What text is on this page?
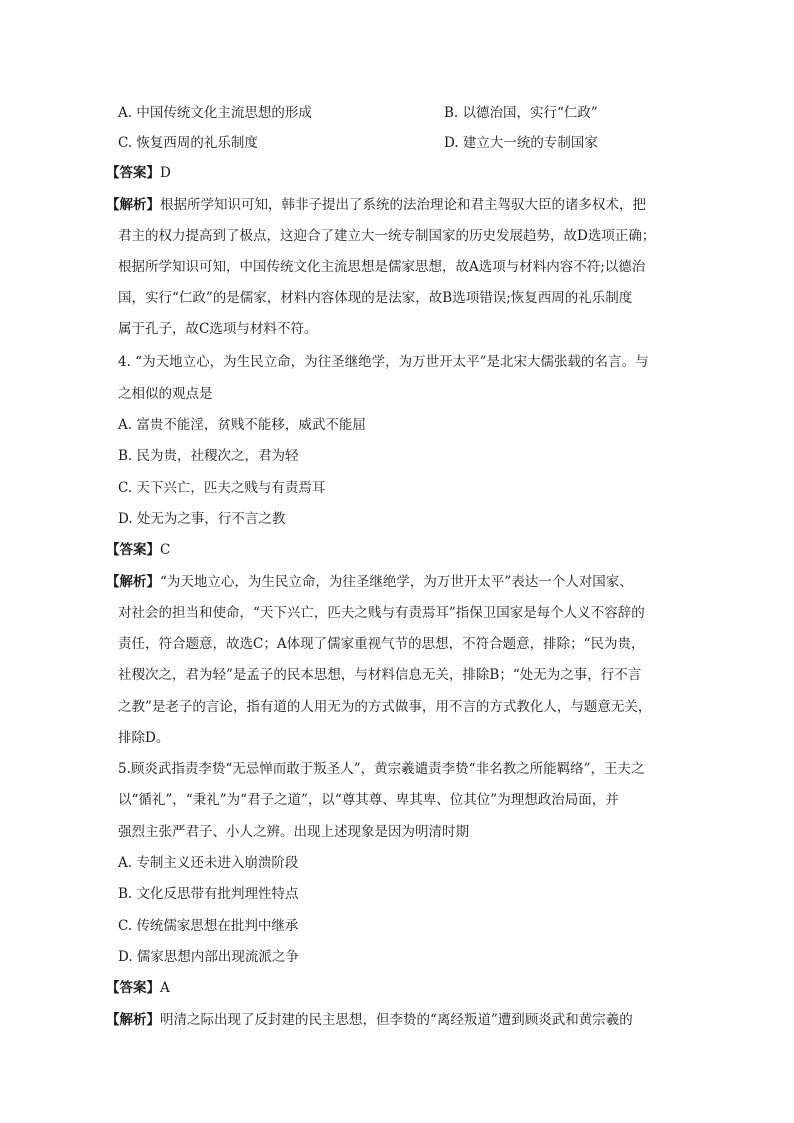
A. 中国传统文化主流思想的形成	B. 以德治国，实行“仁政”
C. 恢复西周的礼乐制度	D. 建立大一统的专制国家
【答案】D
【解析】根据所学知识可知，韩非子提出了系统的法治理论和君主驾驭大臣的诸多权术，把
君主的权力提高到了极点，这迎合了建立大一统专制国家的历史发展趋势，故D选项正确；
根据所学知识可知，中国传统文化主流思想是儒家思想，故A选项与材料内容不符;以德治
国，实行“仁政”的是儒家，材料内容体现的是法家，故B选项错误;恢复西周的礼乐制度
属于孔子，故C选项与材料不符。
4. “为天地立心，为生民立命，为往圣继绝学，为万世开太平”是北宋大儒张载的名言。与
之相似的观点是
A. 富贵不能淫，贫贱不能移，威武不能屈
B. 民为贵，社稷次之，君为轻
C. 天下兴亡，匹夫之贱与有责焉耳
D. 处无为之事，行不言之教
【答案】C
【解析】“为天地立心，为生民立命，为往圣继绝学，为万世开太平”表达一个人对国家、
对社会的担当和使命，“天下兴亡，匹夫之贱与有责焉耳”指保卫国家是每个人义不容辞的
责任，符合题意，故选C；A体现了儒家重视气节的思想，不符合题意，排除；“民为贵，
社稷次之，君为轻”是孟子的民本思想，与材料信息无关，排除B；“处无为之事，行不言
之教”是老子的言论，指有道的人用无为的方式做事，用不言的方式教化人，与题意无关，
排除D。
5.顾炎武指责李贽“无忌惮而敢于叛圣人”，黄宗羲谴责李贽“非名教之所能羁络”，王夫之
以“循礼”，“秉礼”为“君子之道”，以“尊其尊、卑其卑、位其位”为理想政治局面，并
强烈主张严君子、小人之辨。出现上述现象是因为明清时期
A. 专制主义还未进入崩溃阶段
B. 文化反思带有批判理性特点
C. 传统儒家思想在批判中继承
D. 儒家思想内部出现流派之争
【答案】A
【解析】明清之际出现了反封建的民主思想，但李贽的“离经叛道”遭到顾炎武和黄宗羲的
